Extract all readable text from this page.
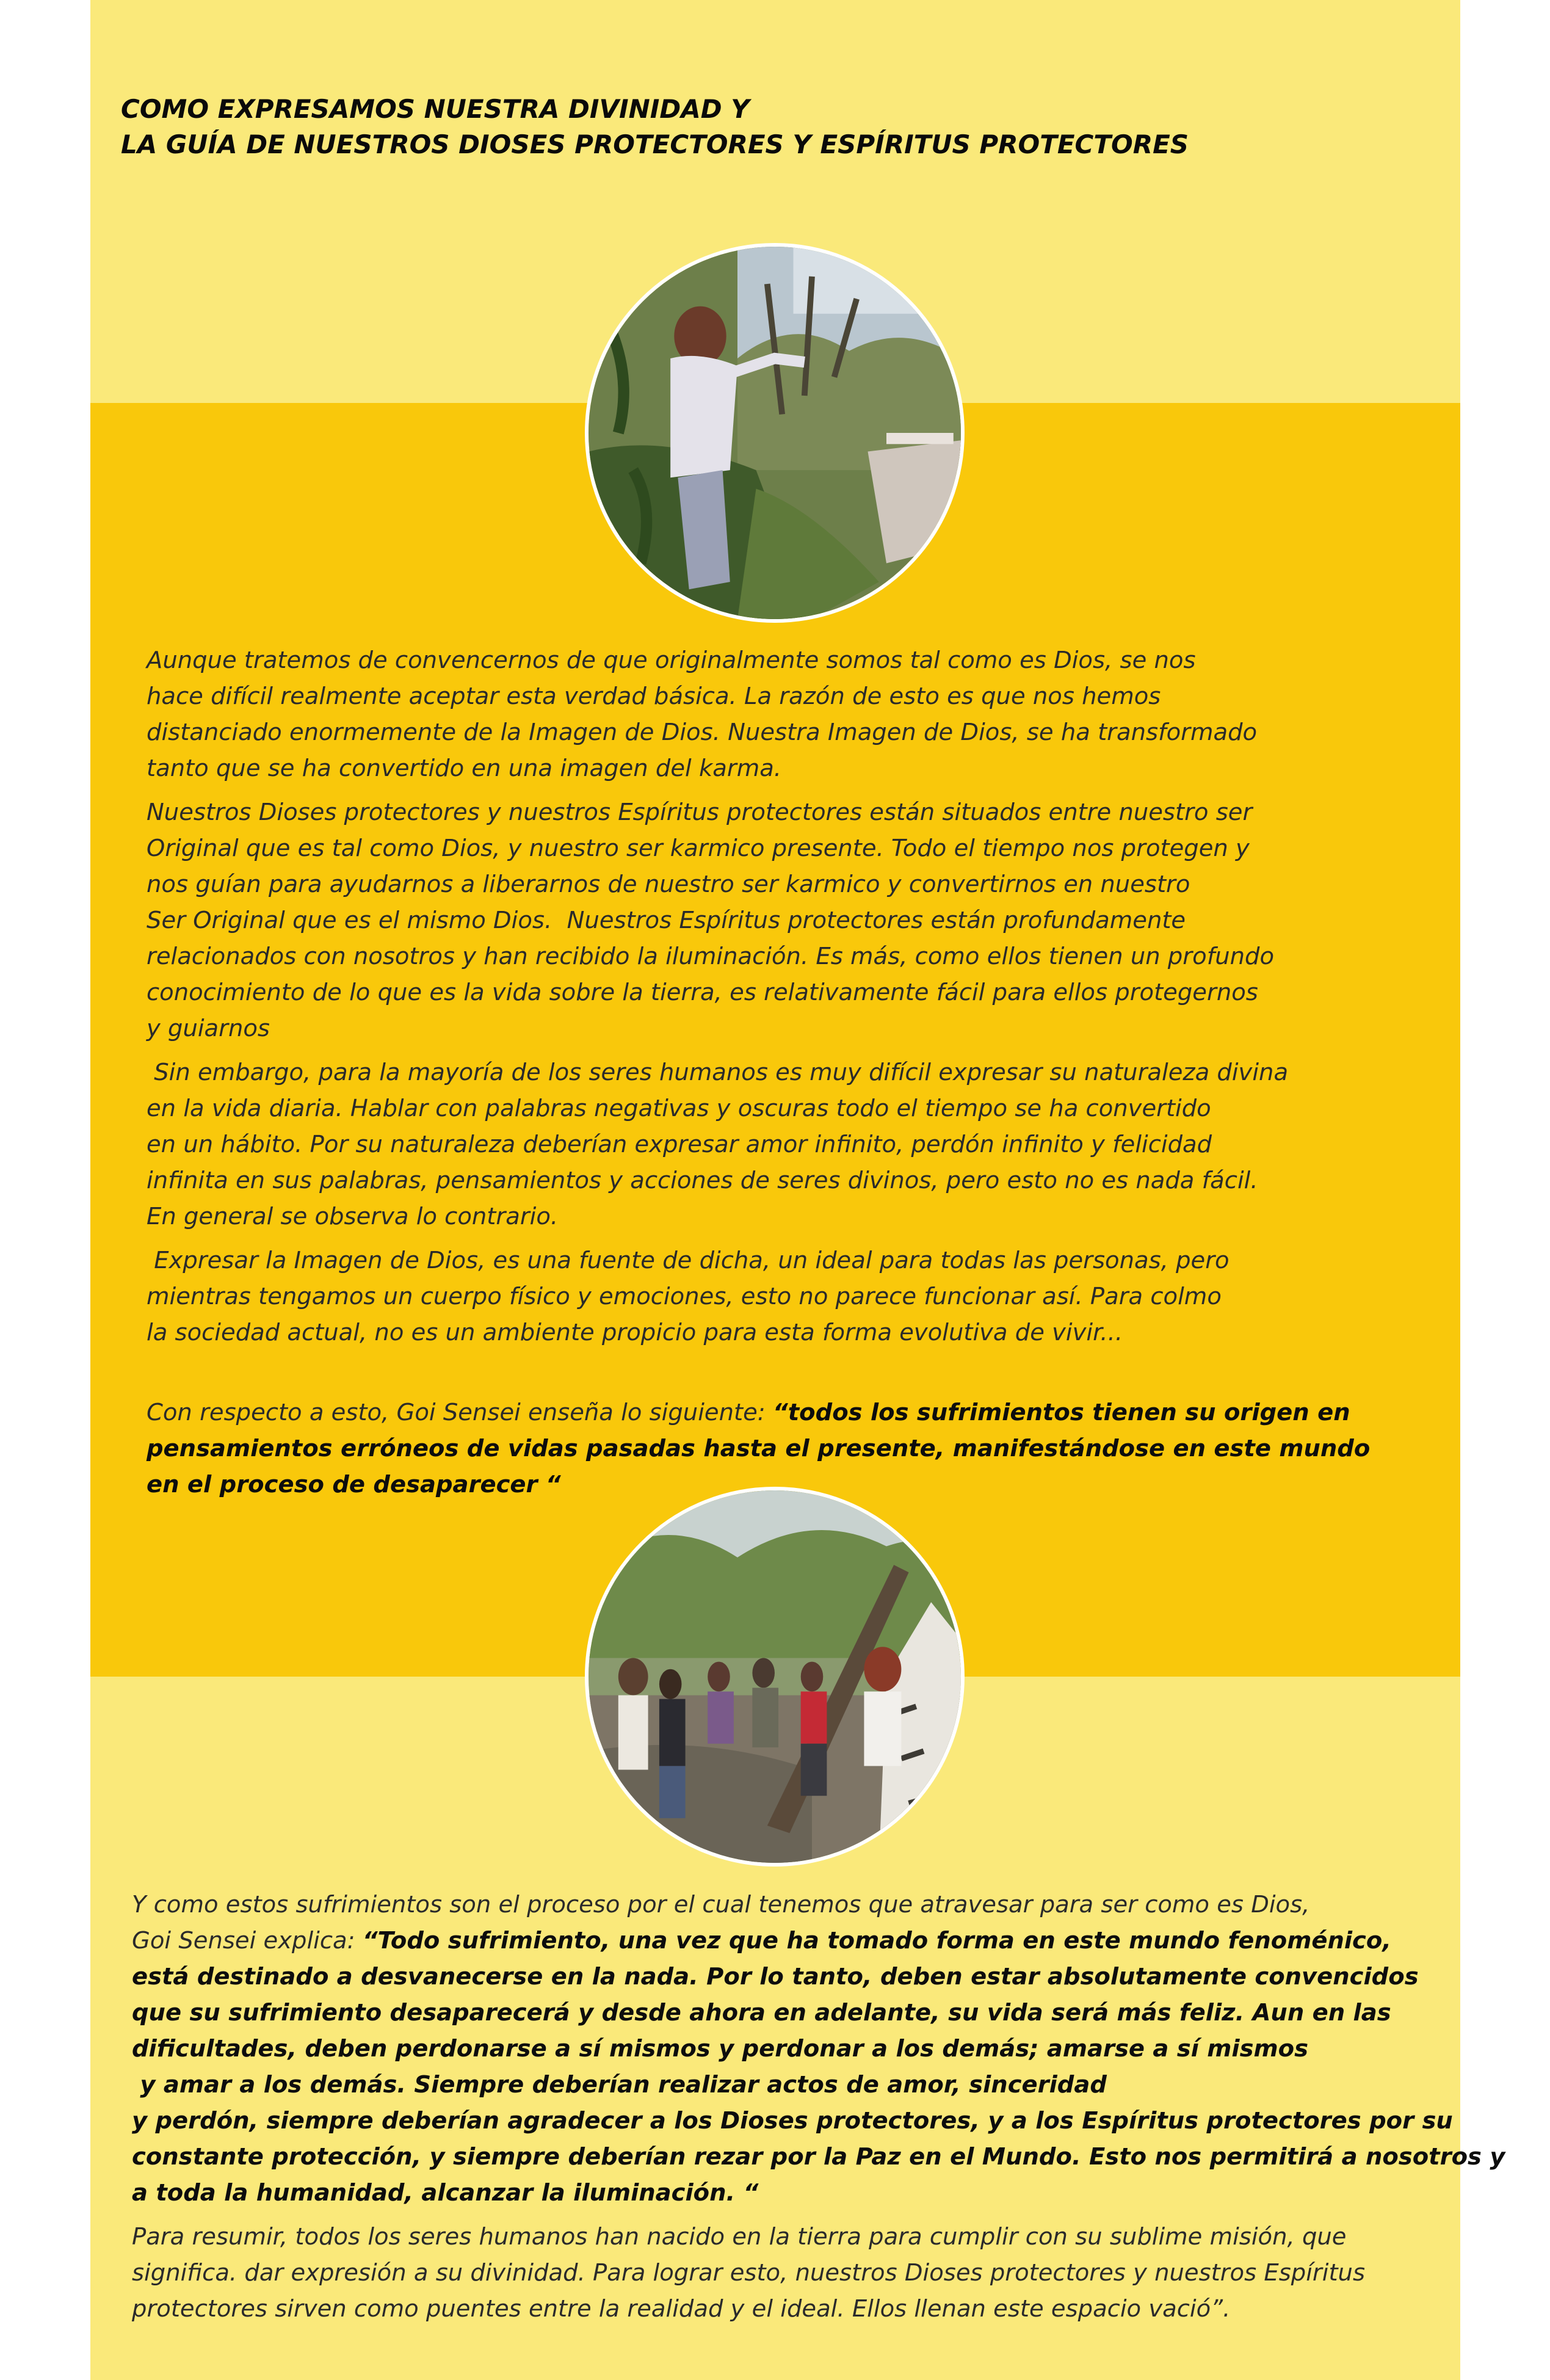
COMO EXPRESAMOS NUESTRA DIVINIDAD Y
LA GUÍA DE NUESTROS DIOSES PROTECTORES Y ESPÍRITUS PROTECTORES

Aunque tratemos de convencernos de que originalmente somos tal como es Dios, se nos

hace difícil realmente aceptar esta verdad básica. La razón de esto es que nos hemos

distanciado enormemente de la Imagen de Dios. Nuestra Imagen de Dios, se ha transformado

tanto que se ha convertido en una imagen del karma.

Nuestros Dioses protectores y nuestros Espíritus protectores están situados entre nuestro ser

Original que es tal como Dios, y nuestro ser karmico presente. Todo el tiempo nos protegen y

nos guían para ayudarnos a liberarnos de nuestro ser karmico y convertirnos en nuestro

Ser Original que es el mismo Dios.  Nuestros Espíritus protectores están profundamente

relacionados con nosotros y han recibido la iluminación. Es más, como ellos tienen un profundo

conocimiento de lo que es la vida sobre la tierra, es relativamente fácil para ellos protegernos

y guiarnos

Sin embargo, para la mayoría de los seres humanos es muy difícil expresar su naturaleza divina

en la vida diaria. Hablar con palabras negativas y oscuras todo el tiempo se ha convertido

en un hábito. Por su naturaleza deberían expresar amor infinito, perdón infinito y felicidad

infinita en sus palabras, pensamientos y acciones de seres divinos, pero esto no es nada fácil.

En general se observa lo contrario.

Expresar la Imagen de Dios, es una fuente de dicha, un ideal para todas las personas, pero

mientras tengamos un cuerpo físico y emociones, esto no parece funcionar así. Para colmo

la sociedad actual, no es un ambiente propicio para esta forma evolutiva de vivir...

Con respecto a esto, Goi Sensei enseña lo siguiente: “todos los sufrimientos tienen su origen en

pensamientos erróneos de vidas pasadas hasta el presente, manifestándose en este mundo

en el proceso de desaparecer “

Y como estos sufrimientos son el proceso por el cual tenemos que atravesar para ser como es Dios,

Goi Sensei explica: “Todo sufrimiento, una vez que ha tomado forma en este mundo fenoménico,

está destinado a desvanecerse en la nada. Por lo tanto, deben estar absolutamente convencidos

que su sufrimiento desaparecerá y desde ahora en adelante, su vida será más feliz. Aun en las

dificultades, deben perdonarse a sí mismos y perdonar a los demás; amarse a sí mismos

y amar a los demás. Siempre deberían realizar actos de amor, sinceridad

y perdón, siempre deberían agradecer a los Dioses protectores, y a los Espíritus protectores por su

constante protección, y siempre deberían rezar por la Paz en el Mundo. Esto nos permitirá a nosotros y

a toda la humanidad, alcanzar la iluminación. “

Para resumir, todos los seres humanos han nacido en la tierra para cumplir con su sublime misión, que

significa. dar expresión a su divinidad. Para lograr esto, nuestros Dioses protectores y nuestros Espíritus

protectores sirven como puentes entre la realidad y el ideal. Ellos llenan este espacio vació”.
